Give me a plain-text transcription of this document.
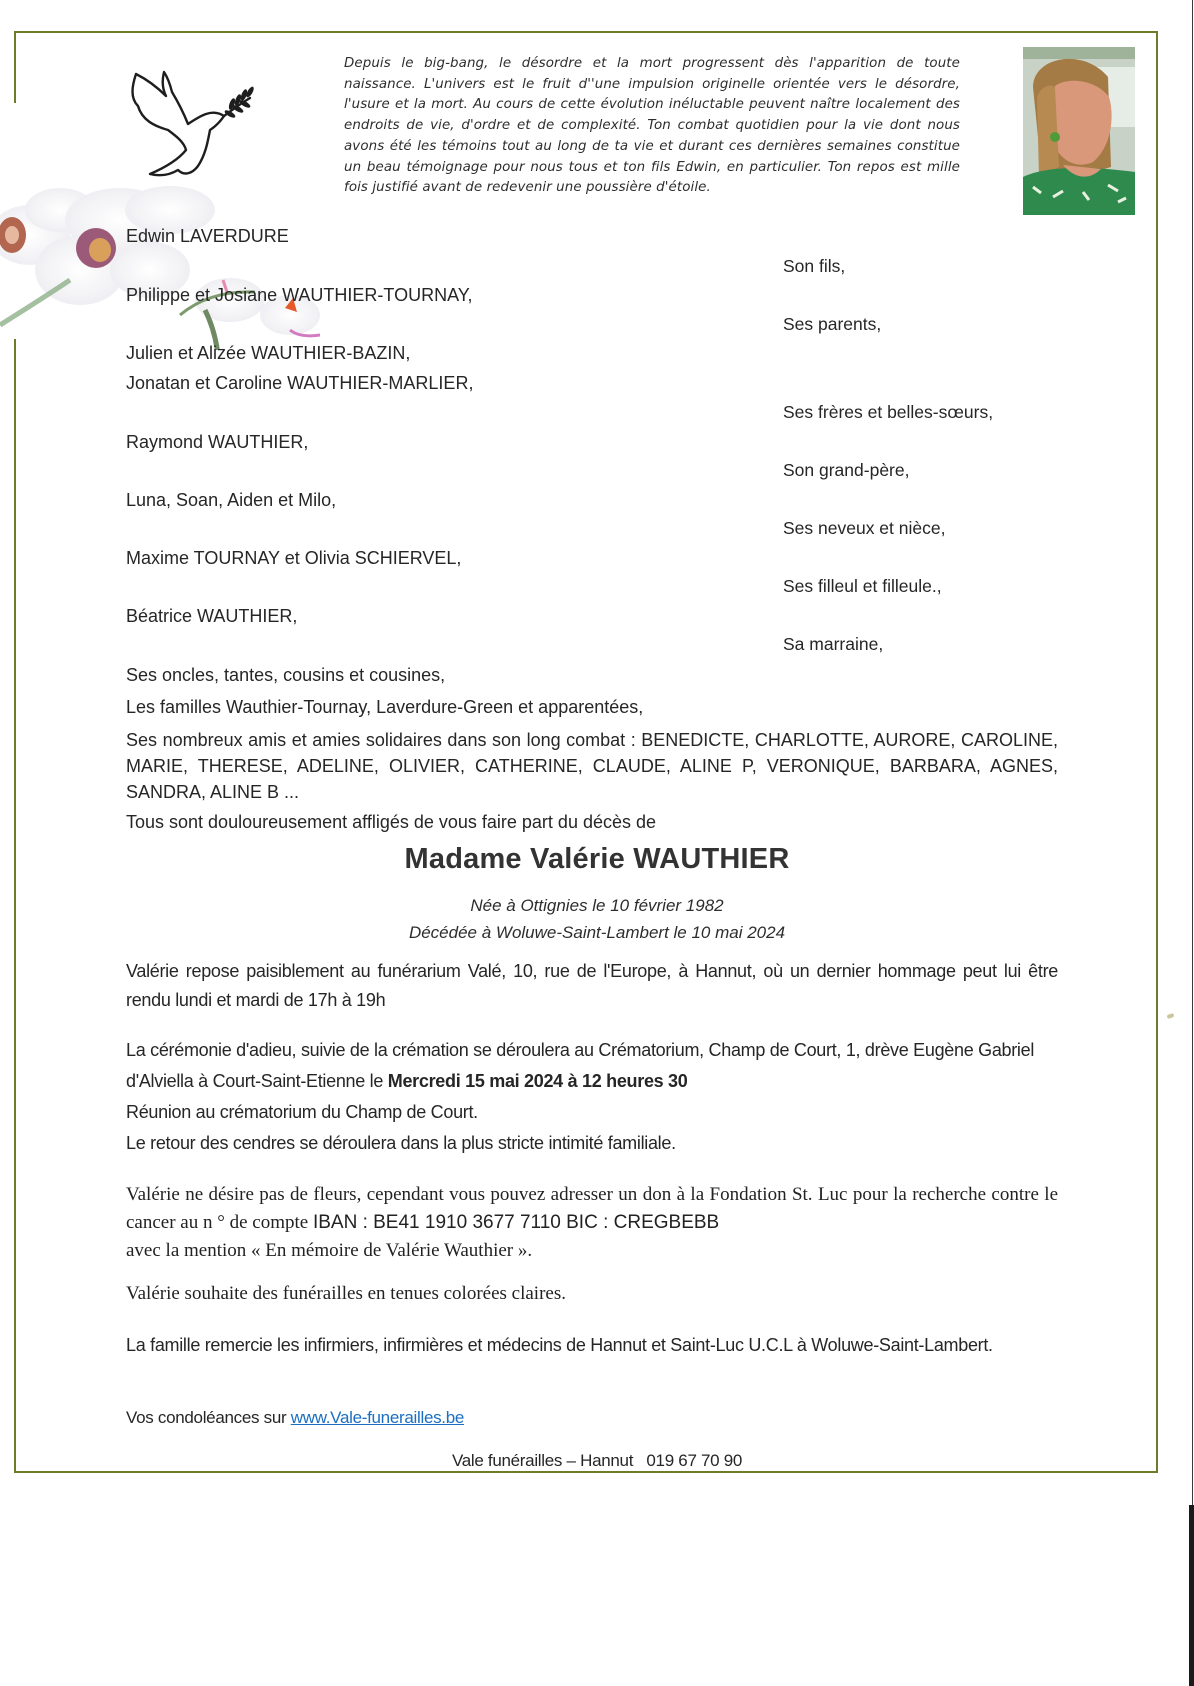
Depuis le big-bang, le désordre et la mort progressent dès l'apparition de toute naissance. L'univers est le fruit d''une impulsion originelle orientée vers le désordre, l'usure et la mort. Au cours de cette évolution inéluctable peuvent naître localement des endroits de vie, d'ordre et de complexité. Ton combat quotidien pour la vie dont nous avons été les témoins tout au long de ta vie et durant ces dernières semaines constitue un beau témoignage pour nous tous et ton fils Edwin, en particulier. Ton repos est mille fois justifié avant de redevenir une poussière d'étoile.
Edwin LAVERDURE
Philippe et Josiane WAUTHIER-TOURNAY,
Julien et Alizée WAUTHIER-BAZIN,
Jonatan et Caroline WAUTHIER-MARLIER,
Raymond WAUTHIER,
Luna, Soan, Aiden et Milo,
Maxime TOURNAY et Olivia SCHIERVEL,
Béatrice WAUTHIER,
Son fils,
Ses parents,
Ses frères et belles-sœurs,
Son grand-père,
Ses neveux et nièce,
Ses filleul et filleule.,
Sa marraine,
Ses oncles, tantes, cousins et cousines,
Les familles Wauthier-Tournay, Laverdure-Green et apparentées,
Ses nombreux amis et amies solidaires dans son long combat : BENEDICTE, CHARLOTTE, AURORE, CAROLINE, MARIE, THERESE, ADELINE, OLIVIER, CATHERINE, CLAUDE, ALINE P, VERONIQUE, BARBARA, AGNES, SANDRA, ALINE B ...
Tous sont douloureusement affligés de vous faire part du décès de
Madame Valérie WAUTHIER
Née à Ottignies le 10 février 1982
Décédée à Woluwe-Saint-Lambert le 10 mai 2024
Valérie repose paisiblement au funérarium Valé, 10, rue de l'Europe, à Hannut, où un dernier hommage peut lui être rendu lundi et mardi de 17h à 19h
La cérémonie d'adieu, suivie de la crémation se déroulera au Crématorium, Champ de Court, 1, drève Eugène Gabriel d'Alviella à Court-Saint-Etienne le Mercredi 15 mai 2024 à 12 heures 30
Réunion au crématorium du Champ de Court.
Le retour des cendres se déroulera dans la plus stricte intimité familiale.
Valérie ne désire pas de fleurs, cependant vous pouvez adresser un don à la Fondation St. Luc pour la recherche contre le cancer au n ° de compte IBAN : BE41 1910 3677 7110 BIC : CREGBEBB
avec la mention « En mémoire de Valérie Wauthier ».
Valérie souhaite des funérailles en tenues colorées claires.
La famille remercie les infirmiers, infirmières et médecins de Hannut et Saint-Luc U.C.L à Woluwe-Saint-Lambert.
Vos condoléances sur www.Vale-funerailles.be
Vale funérailles – Hannut   019 67 70 90
